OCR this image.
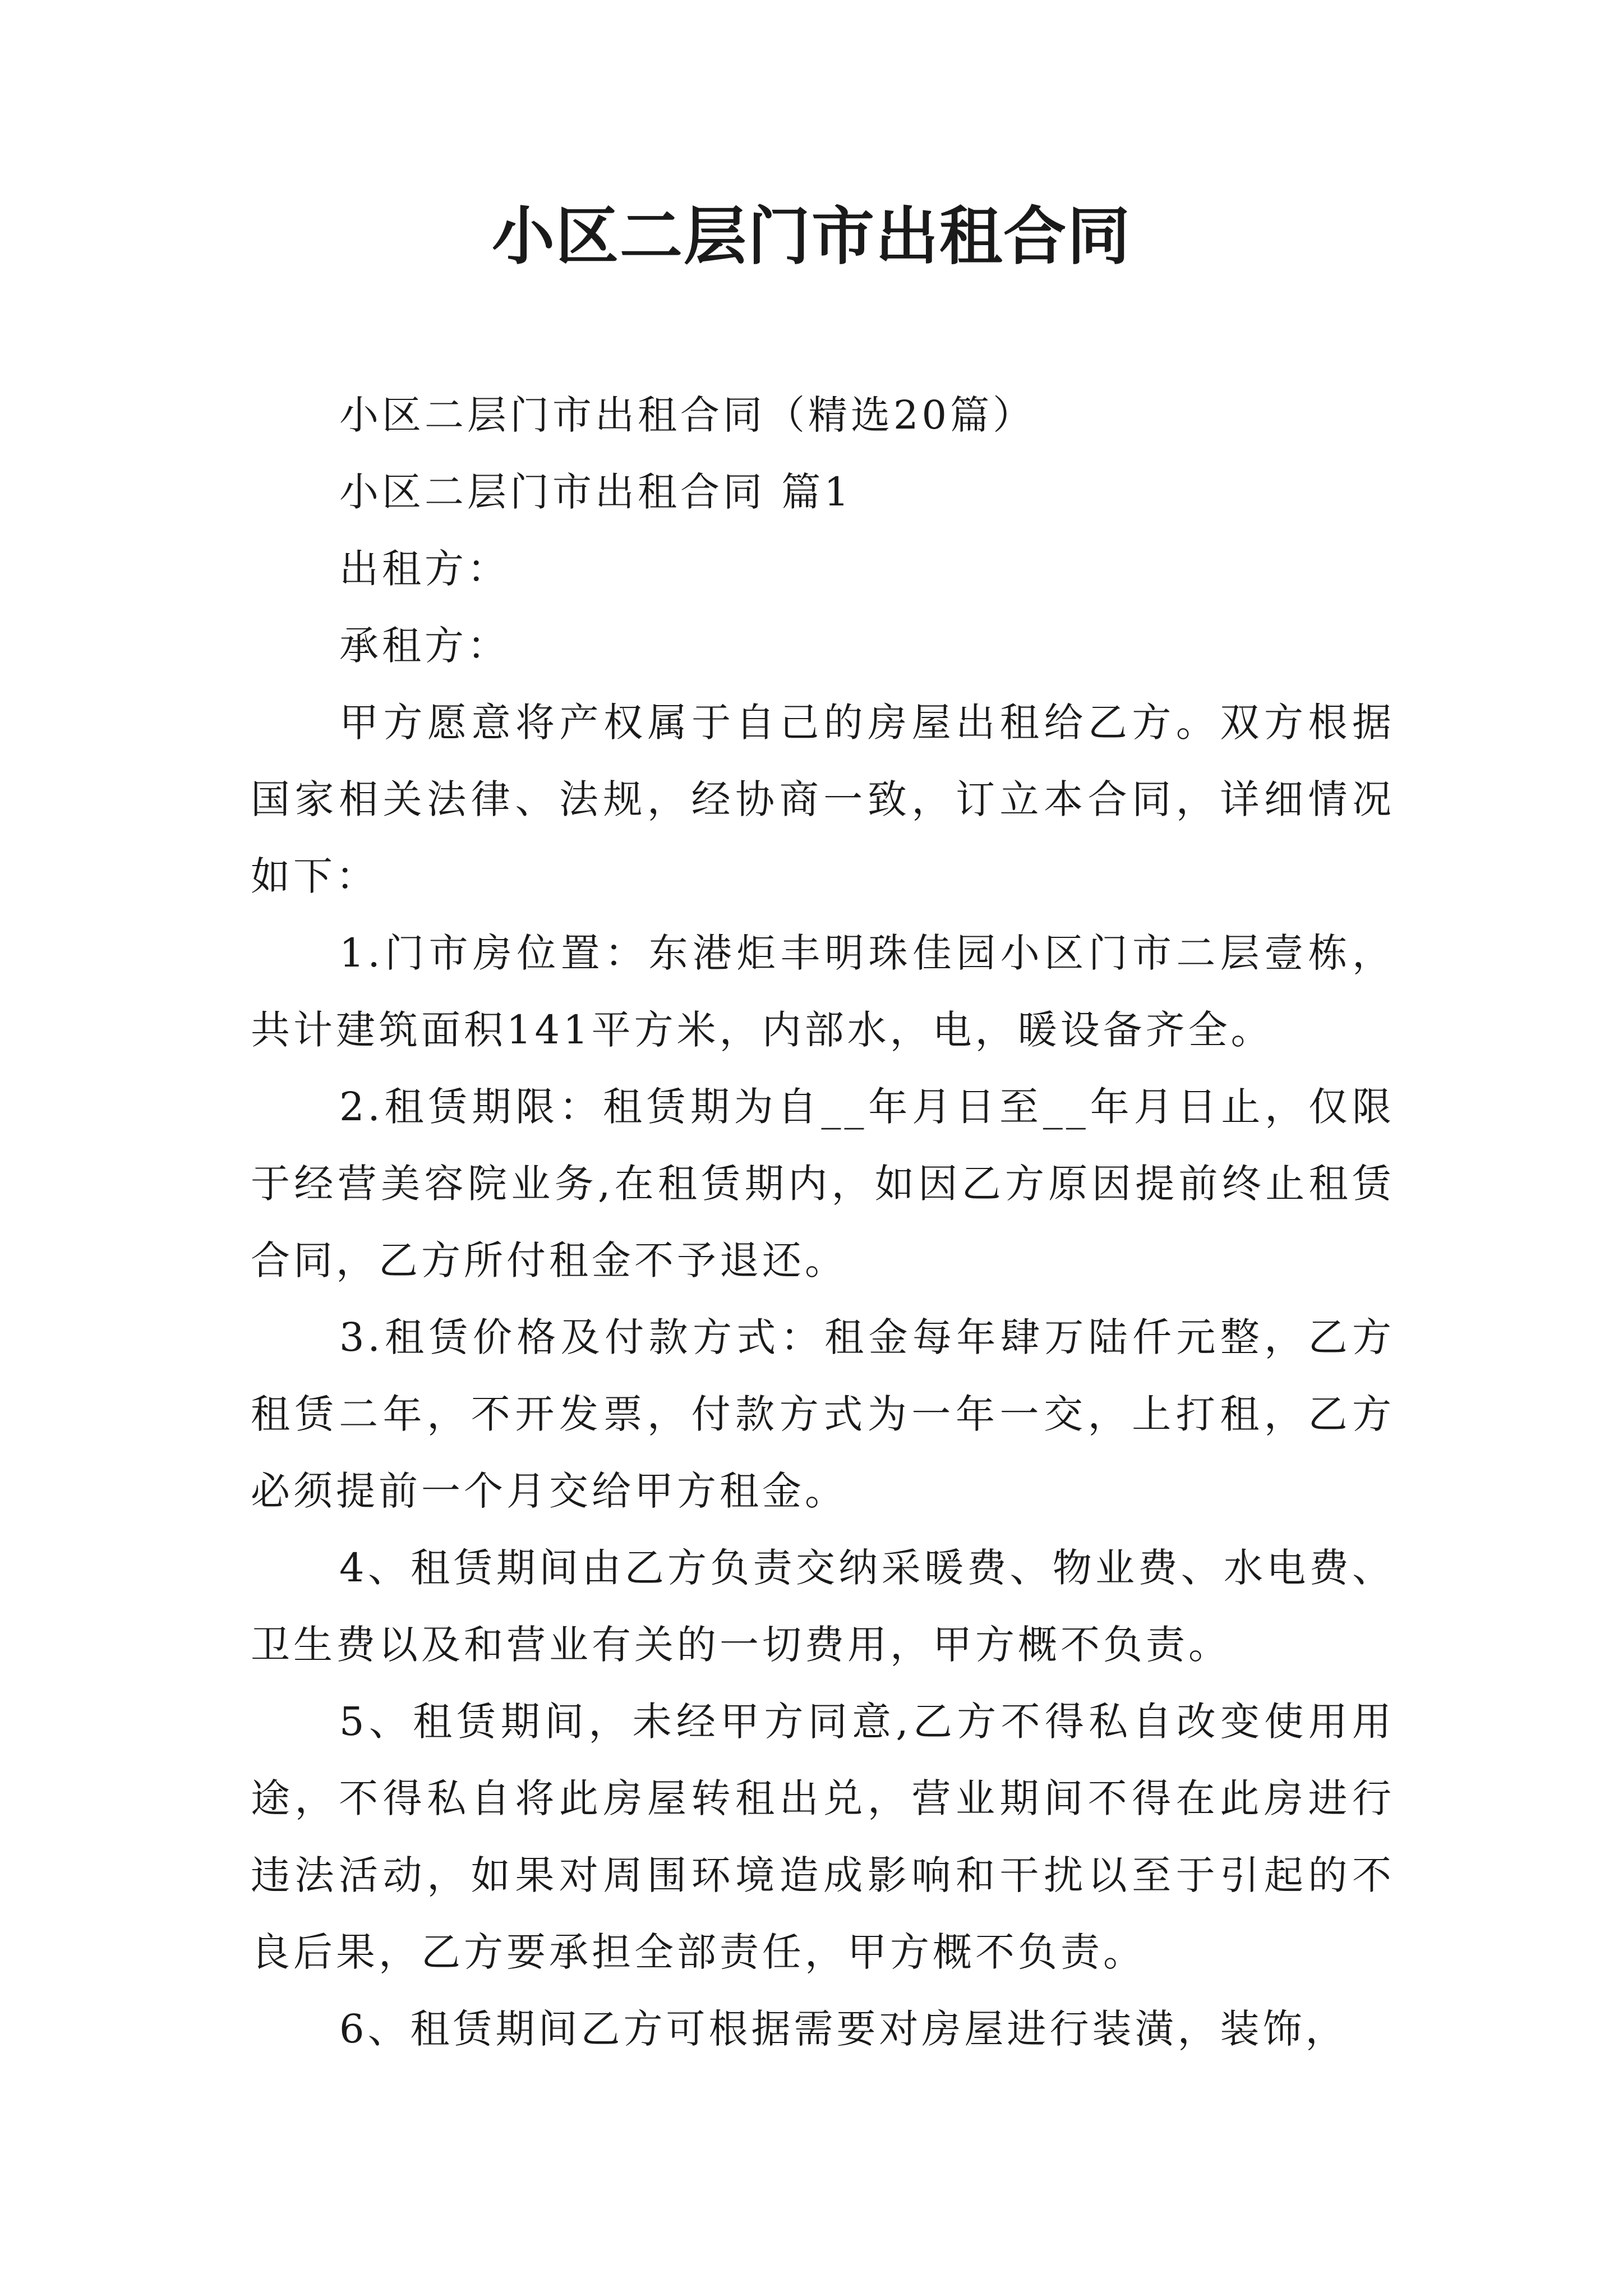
小区二层门市出租合同

小区二层门市出租合同（精选20篇）

小区二层门市出租合同 篇1

出租方：

承租方：

甲方愿意将产权属于自己的房屋出租给乙方。双方根据国家相关法律、法规，经协商一致，订立本合同，详细情况如下：

1.门市房位置：东港炬丰明珠佳园小区门市二层壹栋，共计建筑面积141平方米，内部水，电，暖设备齐全。

2.租赁期限：租赁期为自__年月日至__年月日止，仅限于经营美容院业务,在租赁期内，如因乙方原因提前终止租赁合同，乙方所付租金不予退还。

3.租赁价格及付款方式：租金每年肆万陆仟元整，乙方租赁二年，不开发票，付款方式为一年一交，上打租，乙方必须提前一个月交给甲方租金。

4、租赁期间由乙方负责交纳采暖费、物业费、水电费、卫生费以及和营业有关的一切费用，甲方概不负责。

5、租赁期间，未经甲方同意,乙方不得私自改变使用用途，不得私自将此房屋转租出兑，营业期间不得在此房进行违法活动，如果对周围环境造成影响和干扰以至于引起的不良后果，乙方要承担全部责任，甲方概不负责。

6、租赁期间乙方可根据需要对房屋进行装潢，装饰，
